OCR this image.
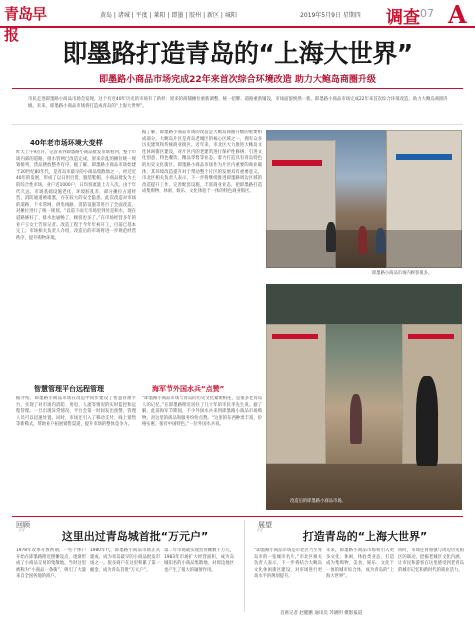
青岛早报
黄岛 | 诸城 | 平度 | 莱阳 | 即墨 | 胶州 | 新区 | 城阳	2019年5月9日 星期四 调查 07 A
即墨路打造青岛的“上海大世界”
即墨路小商品市场完成22年来首次综合环境改造 助力大鲍岛商圈升级
市民走进即墨路小商品市场会发现，这个有近40年历史的市场有了新样：原来的商铺摊位重新调整、统一招牌、道路重新铺设，市场面貌焕然一新。即墨路小商品市场完成22年来首次综合环境改造，助力大鲍岛商圈升级。未来，即墨路小商品市场将打造成青岛的“上海大世界”。
40年老市场环境大变样
昨天上午9点许，记者来到即墨路小商品批发市场看到，整个市场内部的道路、排水管网已改造完成，原来杂乱的摊位统一规划排列，货品摆放整齐有序。据了解，即墨路小商品市场始建于20世纪80年代，是青岛市最早的小商品集散地之一，经过近40年的发展，形成了以日用百货、服装鞋帽、小商品批发为主的综合性市场，业户近1000户，日均客流量上万人次。由于年代久远，市场基础设施老化、环境脏乱差，部分摊位占道经营，消防通道被堵塞，存在较大的安全隐患。此次改造对市场的道路、下水管网、供电线路、消防设施等进行了全面改造，对摊位进行了统一规划。“以前下雨天市场里到处是积水，现在道路修好了，排水也通畅了，顾客也多了。”在市场经营多年的业户王女士告诉记者。改造工程于今年年初开工，目前已基本完工。市场相关负责人介绍，改造后的市场将进一步规范经营秩序，提升购物环境。
智慧管理平台远程管理
据介绍，即墨路小商品市场在改造中同步建设了智慧管理平台，实现了对市场内消防、用电、人流等情况的实时监控和远程管理。一旦出现异常情况，平台会第一时间发出预警，管理人员可以迅速处置。同时，市场还引入了移动支付、线上销售等新模式，帮助业户拓展销售渠道，提升市场的整体竞争力。
据了解，即墨路小商品市场的改造是大鲍岛商圈升级的重要组成部分。大鲍岛片区是青岛老城区的核心区域之一，拥有众多历史建筑和传统商业街区。近年来，市北区大力推进大鲍岛文化休闲街区建设，对片区内的老建筑进行保护性修缮，引进文化创意、特色餐饮、精品零售等业态，着力打造具有青岛特色的历史文化街区。即墨路小商品市场作为片区内重要的商业载体，其环境改造提升对于带动整个片区的发展具有重要意义。市北区相关负责人表示，下一步将继续推进即墨路周边区域的改造提升工作，完善配套设施，丰富商业业态，把即墨路打造成集购物、休闲、娱乐、文化体验于一体的特色商业街区。
海军节外国水兵“点赞”
“即墨路小商品市场与青岛的历史文化紧密相连，是很多老青岛人的记忆。”在即墨路附近居住了几十年的市民李先生说。据了解，此前海军节期间，不少外国水兵来到即墨路小商品市场购物，对这里的商品和服务纷纷点赞。“这里的东西种类丰富，价格实惠，很有中国特色。”一位外国水兵说。
即墨路小商品市场内顾客很多。
改造后的即墨路小商品市场。
回顾	展望
这里出过青岛城首批“万元户”	打造青岛的“上海大世界”
“	“
1978年改革开放初期，一些个体户开始在即墨路附近摆摊设点，逐渐形成了小商品交易的集散地。当时这里被称为“小商品一条街”，吸引了大量来自全国各地的商户。
1980年代，即墨路小商品市场正式建成，成为青岛最早的小商品批发市场之一。很多商户在这里积累了第一桶金，成为青岛首批“万元户”。
第二年市场就实现营业额数千万元，1983年市场扩大经营面积，成为岛城知名的小商品集散地，对周边地区也产生了很大的辐射作用。
“即墨路小商品市场是市北区乃至青岛市的一张城市名片。”市北区相关负责人表示，下一步将结合大鲍岛文化休闲街区建设，对市场进行更高水平的规划提升。
未来，即墨路小商品市场将引入更多文化、休闲、体验类业态，打造成为集购物、美食、娱乐、文化于一体的城市综合体，成为青岛的“上海大世界”。
同时，市场还将加强与周边历史街区的联动，挖掘老城区文化内涵，让市民和游客在这里感受到老青岛的城市记忆和新时代的商业活力。
首席记者 赵健鹏 通讯员 苏晓明 摄影报道
